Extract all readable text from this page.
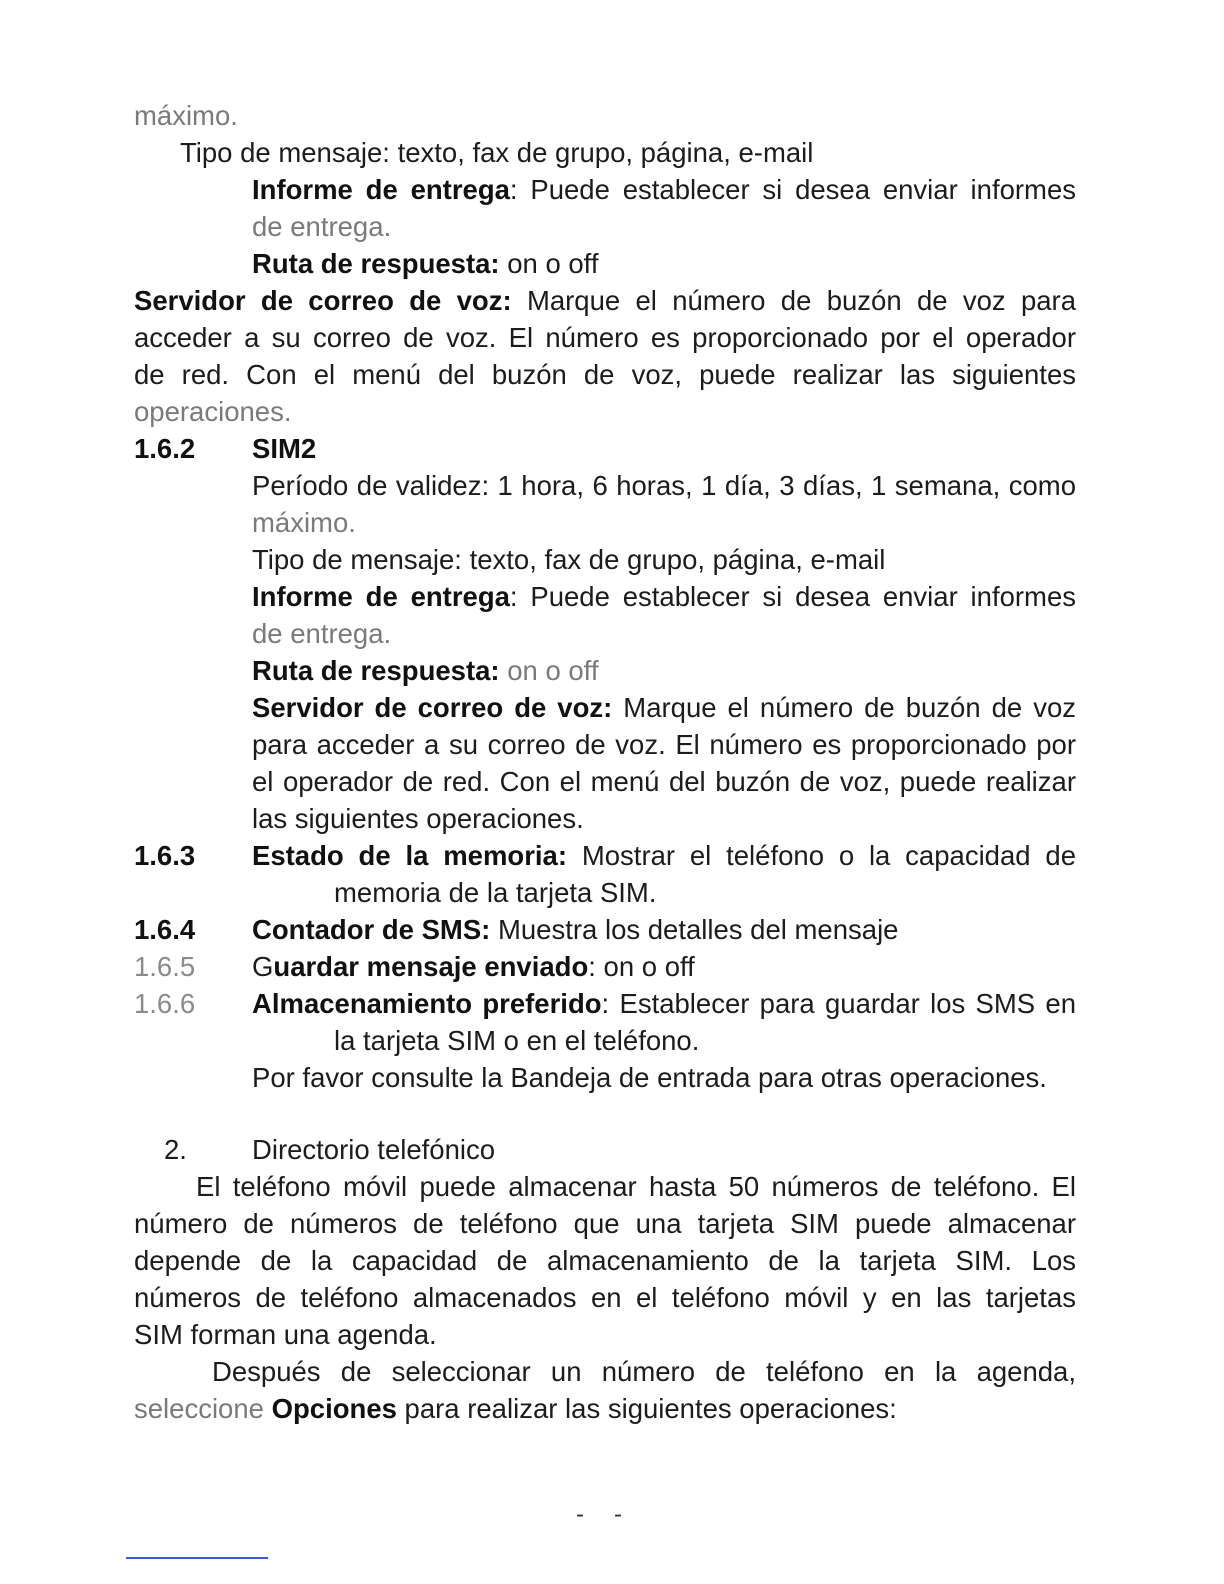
máximo.
Tipo de mensaje: texto, fax de grupo, página, e-mail
Informe de entrega: Puede establecer si desea enviar informes
de entrega.
Ruta de respuesta: on o off
Servidor de correo de voz: Marque el número de buzón de voz para
acceder a su correo de voz. El número es proporcionado por el operador
de red. Con el menú del buzón de voz, puede realizar las siguientes
operaciones.
1.6.2 SIM2
Período de validez: 1 hora, 6 horas, 1 día, 3 días, 1 semana, como
máximo.
Tipo de mensaje: texto, fax de grupo, página, e-mail
Informe de entrega: Puede establecer si desea enviar informes
de entrega.
Ruta de respuesta: on o off
Servidor de correo de voz: Marque el número de buzón de voz
para acceder a su correo de voz. El número es proporcionado por
el operador de red. Con el menú del buzón de voz, puede realizar
las siguientes operaciones.
1.6.3 Estado de la memoria: Mostrar el teléfono o la capacidad de
memoria de la tarjeta SIM.
1.6.4 Contador de SMS: Muestra los detalles del mensaje
1.6.5 Guardar mensaje enviado: on o off
1.6.6 Almacenamiento preferido: Establecer para guardar los SMS en
la tarjeta SIM o en el teléfono.
Por favor consulte la Bandeja de entrada para otras operaciones.
2. Directorio telefónico
El teléfono móvil puede almacenar hasta 50 números de teléfono. El
número de números de teléfono que una tarjeta SIM puede almacenar
depende de la capacidad de almacenamiento de la tarjeta SIM. Los
números de teléfono almacenados en el teléfono móvil y en las tarjetas
SIM forman una agenda.
Después de seleccionar un número de teléfono en la agenda,
seleccione Opciones para realizar las siguientes operaciones:
- -
